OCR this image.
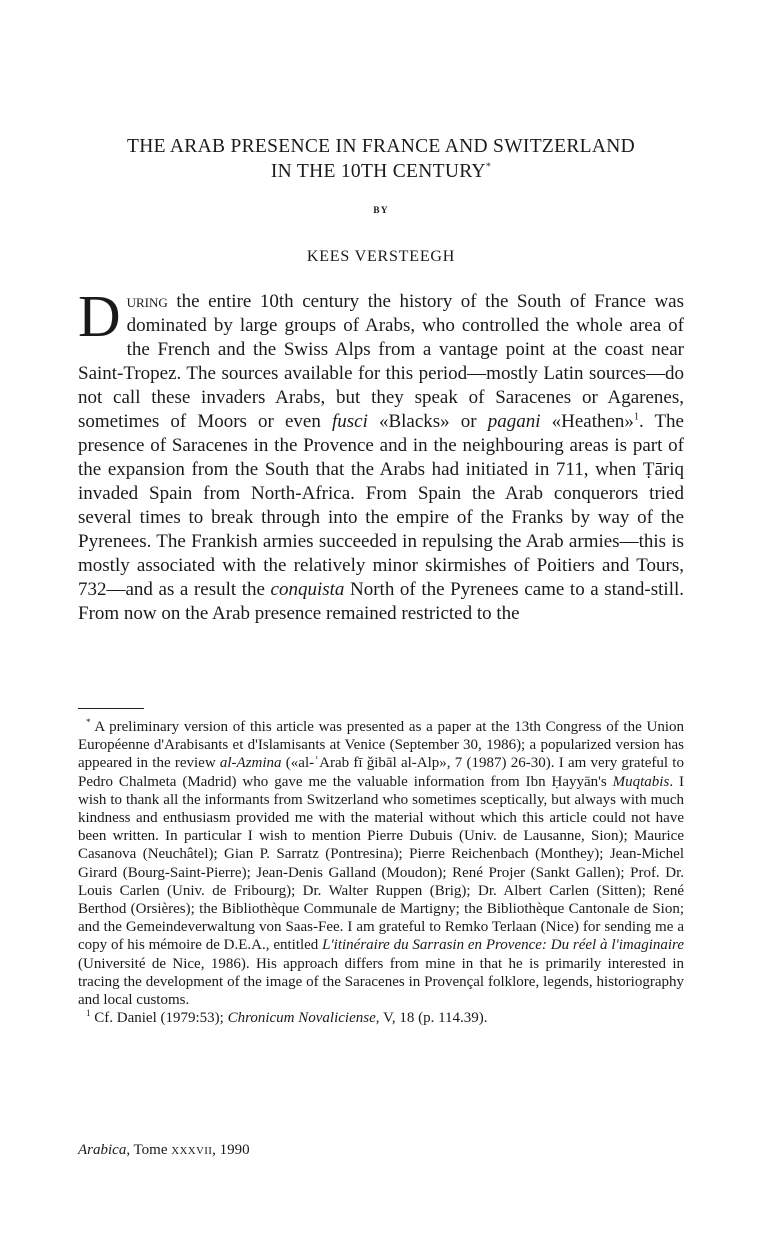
THE ARAB PRESENCE IN FRANCE AND SWITZERLAND
IN THE 10TH CENTURY*
BY
KEES VERSTEEGH
During the entire 10th century the history of the South of France was dominated by large groups of Arabs, who controlled the whole area of the French and the Swiss Alps from a vantage point at the coast near Saint-Tropez. The sources available for this period—mostly Latin sources—do not call these invaders Arabs, but they speak of Saracenes or Agarenes, sometimes of Moors or even fusci «Blacks» or pagani «Heathen»$^1$. The presence of Saracenes in the Provence and in the neighbouring areas is part of the expansion from the South that the Arabs had initiated in 711, when Ṭāriq invaded Spain from North-Africa. From Spain the Arab conquerors tried several times to break through into the empire of the Franks by way of the Pyrenees. The Frankish armies succeeded in repulsing the Arab armies—this is mostly associated with the relatively minor skirmishes of Poitiers and Tours, 732—and as a result the conquista North of the Pyrenees came to a stand-still. From now on the Arab presence remained restricted to the

* A preliminary version of this article was presented as a paper at the 13th Congress of the Union Européenne d'Arabisants et d'Islamisants at Venice (September 30, 1986); a popularized version has appeared in the review al-Azmina («al-ʿArab fī ǧibāl al-Alp», 7 (1987) 26-30). I am very grateful to Pedro Chalmeta (Madrid) who gave me the valuable information from Ibn Ḥayyān's Muqtabis. I wish to thank all the informants from Switzerland who sometimes sceptically, but always with much kindness and enthusiasm provided me with the material without which this article could not have been written. In particular I wish to mention Pierre Dubuis (Univ. de Lausanne, Sion); Maurice Casanova (Neuchâtel); Gian P. Sarratz (Pontresina); Pierre Reichenbach (Monthey); Jean-Michel Girard (Bourg-Saint-Pierre); Jean-Denis Galland (Moudon); René Projer (Sankt Gallen); Prof. Dr. Louis Carlen (Univ. de Fribourg); Dr. Walter Ruppen (Brig); Dr. Albert Carlen (Sitten); René Berthod (Orsières); the Bibliothèque Communale de Martigny; the Bibliothèque Cantonale de Sion; and the Gemeindeverwaltung von Saas-Fee. I am grateful to Remko Terlaan (Nice) for sending me a copy of his mémoire de D.E.A., entitled L'itinéraire du Sarrasin en Provence: Du réel à l'imaginaire (Université de Nice, 1986). His approach differs from mine in that he is primarily interested in tracing the development of the image of the Saracenes in Provençal folklore, legends, historiography and local customs.

$^1$ Cf. Daniel (1979:53); Chronicum Novaliciense, V, 18 (p. 114.39).

Arabica, Tome xxxvii, 1990
